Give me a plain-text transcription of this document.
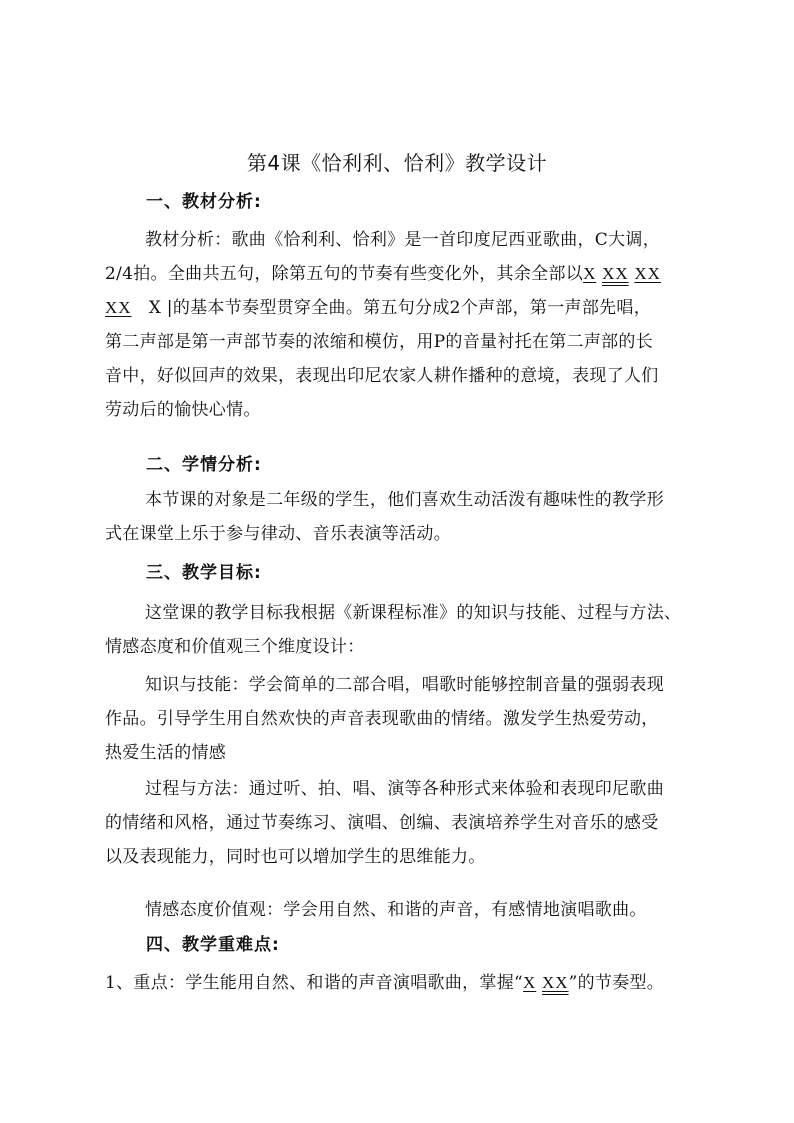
第4课《恰利利、恰利》教学设计
一、教材分析:
教材分析：歌曲《恰利利、恰利》是一首印度尼西亚歌曲，C大调，
2/4拍。全曲共五句，除第五句的节奏有些变化外，其余全部以X XX XX
XX X |的基本节奏型贯穿全曲。第五句分成2个声部，第一声部先唱，
第二声部是第一声部节奏的浓缩和模仿，用P的音量衬托在第二声部的长
音中，好似回声的效果，表现出印尼农家人耕作播种的意境，表现了人们
劳动后的愉快心情。
二、学情分析:
本节课的对象是二年级的学生，他们喜欢生动活泼有趣味性的教学形
式在课堂上乐于参与律动、音乐表演等活动。
三、教学目标:
这堂课的教学目标我根据《新课程标准》的知识与技能、过程与方法、
情感态度和价值观三个维度设计：
知识与技能：学会简单的二部合唱，唱歌时能够控制音量的强弱表现
作品。引导学生用自然欢快的声音表现歌曲的情绪。激发学生热爱劳动，
热爱生活的情感
过程与方法：通过听、拍、唱、演等各种形式来体验和表现印尼歌曲
的情绪和风格，通过节奏练习、演唱、创编、表演培养学生对音乐的感受
以及表现能力，同时也可以增加学生的思维能力。
情感态度价值观：学会用自然、和谐的声音，有感情地演唱歌曲。
四、教学重难点:
1、重点：学生能用自然、和谐的声音演唱歌曲，掌握“X XX”的节奏型。
